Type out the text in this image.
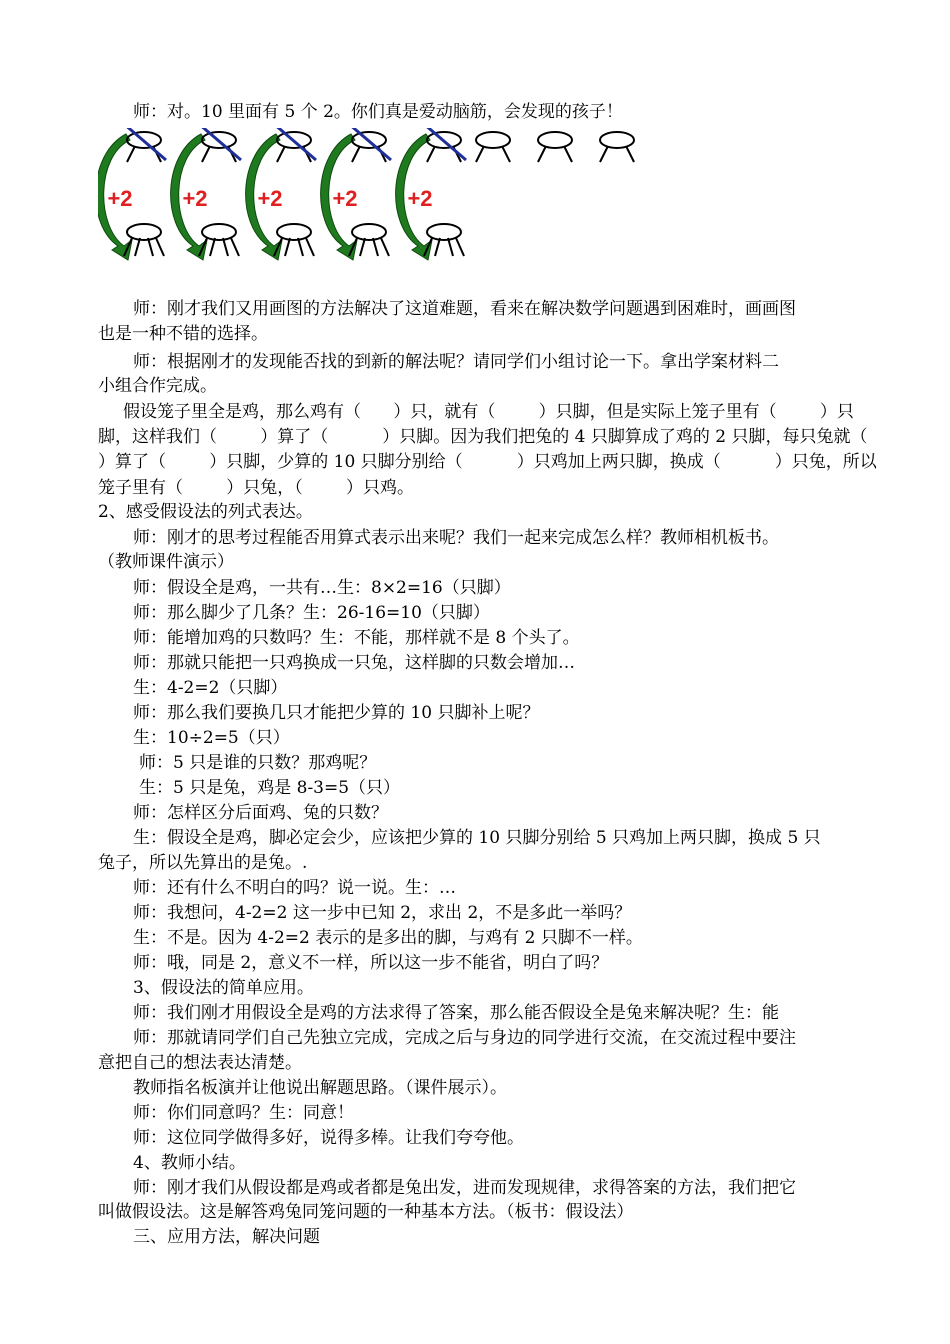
师：对。10 里面有 5 个 2。你们真是爱动脑筋，会发现的孩子！
+2 +2 +2 +2 +2
师：刚才我们又用画图的方法解决了这道难题，看来在解决数学问题遇到困难时，画画图
也是一种不错的选择。
师：根据刚才的发现能否找的到新的解法呢？请同学们小组讨论一下。拿出学案材料二
小组合作完成。
假设笼子里全是鸡，那么鸡有（      ）只，就有（        ）只脚，但是实际上笼子里有（        ）只
脚，这样我们（        ）算了（          ）只脚。因为我们把兔的 4 只脚算成了鸡的 2 只脚，每只兔就（
）算了（        ）只脚，少算的 10 只脚分别给（          ）只鸡加上两只脚，换成（          ）只兔，所以
笼子里有（        ）只兔，（        ）只鸡。
2、感受假设法的列式表达。
师：刚才的思考过程能否用算式表示出来呢？我们一起来完成怎么样？教师相机板书。
（教师课件演示）
师：假设全是鸡，一共有…生：8×2=16（只脚）
师：那么脚少了几条？生：26-16=10（只脚）
师：能增加鸡的只数吗？生：不能，那样就不是 8 个头了。
师：那就只能把一只鸡换成一只兔，这样脚的只数会增加…
生：4-2=2（只脚）
师：那么我们要换几只才能把少算的 10 只脚补上呢？
生：10÷2=5（只）
师：5 只是谁的只数？那鸡呢？
生：5 只是兔，鸡是 8-3=5（只）
师：怎样区分后面鸡、兔的只数？
生：假设全是鸡，脚必定会少，应该把少算的 10 只脚分别给 5 只鸡加上两只脚，换成 5 只
兔子，所以先算出的是兔。.
师：还有什么不明白的吗？说一说。生：…
师：我想问，4-2=2 这一步中已知 2，求出 2，不是多此一举吗？
生：不是。因为 4-2=2 表示的是多出的脚，与鸡有 2 只脚不一样。
师：哦，同是 2，意义不一样，所以这一步不能省，明白了吗？
3、假设法的简单应用。
师：我们刚才用假设全是鸡的方法求得了答案，那么能否假设全是兔来解决呢？生：能
师：那就请同学们自己先独立完成，完成之后与身边的同学进行交流，在交流过程中要注
意把自己的想法表达清楚。
教师指名板演并让他说出解题思路。（课件展示）。
师：你们同意吗？生：同意！
师：这位同学做得多好，说得多棒。让我们夸夸他。
4、教师小结。
师：刚才我们从假设都是鸡或者都是兔出发，进而发现规律，求得答案的方法，我们把它
叫做假设法。这是解答鸡兔同笼问题的一种基本方法。（板书：假设法）
三、应用方法，解决问题
